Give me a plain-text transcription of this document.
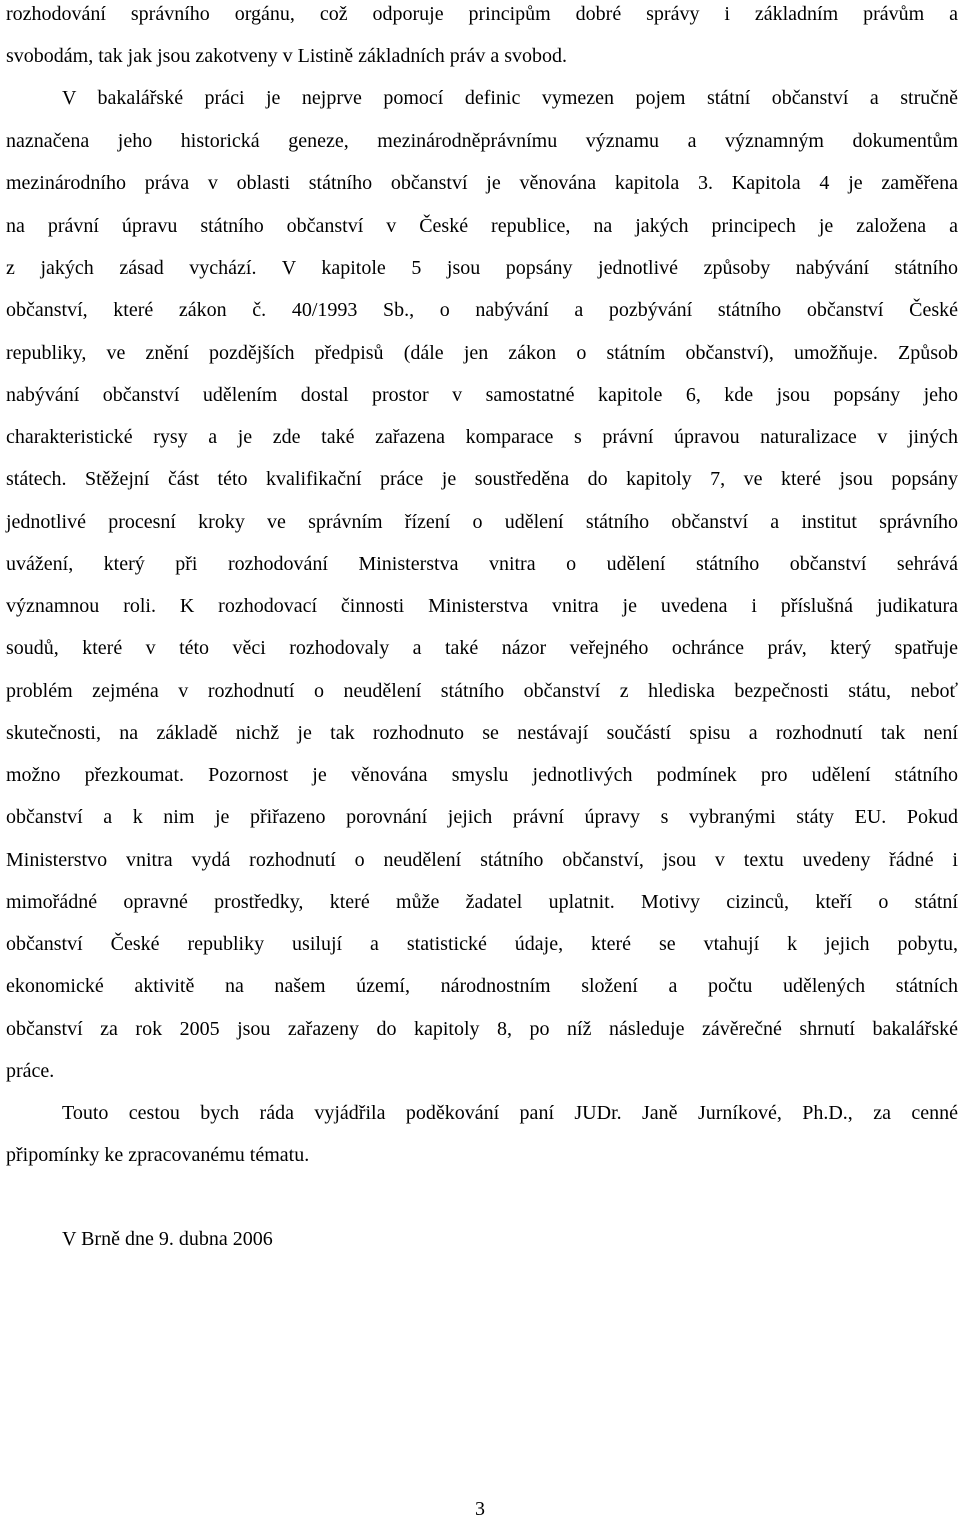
rozhodování správního orgánu, což odporuje principům dobré správy i základním právům a
svobodám, tak jak jsou zakotveny v Listině základních práv a svobod.
V bakalářské práci je nejprve pomocí definic vymezen pojem státní občanství a stručně
naznačena jeho historická geneze, mezinárodněprávnímu významu a významným dokumentům
mezinárodního práva v oblasti státního občanství je věnována kapitola 3. Kapitola 4 je zaměřena
na právní úpravu státního občanství v České republice, na jakých principech je založena a
z jakých zásad vychází. V kapitole 5 jsou popsány jednotlivé způsoby nabývání státního
občanství, které zákon č. 40/1993 Sb., o nabývání a pozbývání státního občanství České
republiky, ve znění pozdějších předpisů (dále jen zákon o státním občanství), umožňuje. Způsob
nabývání občanství udělením dostal prostor v samostatné kapitole 6, kde jsou popsány jeho
charakteristické rysy a je zde také zařazena komparace s právní úpravou naturalizace v jiných
státech. Stěžejní část této kvalifikační práce je soustředěna do kapitoly 7, ve které jsou popsány
jednotlivé procesní kroky ve správním řízení o udělení státního občanství a institut správního
uvážení, který při rozhodování Ministerstva vnitra o udělení státního občanství sehrává
významnou roli. K rozhodovací činnosti Ministerstva vnitra je uvedena i příslušná judikatura
soudů, které v této věci rozhodovaly a také názor veřejného ochránce práv, který spatřuje
problém zejména v rozhodnutí o neudělení státního občanství z hlediska bezpečnosti státu, neboť
skutečnosti, na základě nichž je tak rozhodnuto se nestávají součástí spisu a rozhodnutí tak není
možno přezkoumat. Pozornost je věnována smyslu jednotlivých podmínek pro udělení státního
občanství a k nim je přiřazeno porovnání jejich právní úpravy s vybranými státy EU. Pokud
Ministerstvo vnitra vydá rozhodnutí o neudělení státního občanství, jsou v textu uvedeny řádné i
mimořádné opravné prostředky, které může žadatel uplatnit. Motivy cizinců, kteří o státní
občanství České republiky usilují a statistické údaje, které se vtahují k jejich pobytu,
ekonomické aktivitě na našem území, národnostním složení a počtu udělených státních
občanství za rok 2005 jsou zařazeny do kapitoly 8, po níž následuje závěrečné shrnutí bakalářské
práce.
Touto cestou bych ráda vyjádřila poděkování paní JUDr. Janě Jurníkové, Ph.D., za cenné
připomínky ke zpracovanému tématu.
V Brně dne 9. dubna 2006
3
